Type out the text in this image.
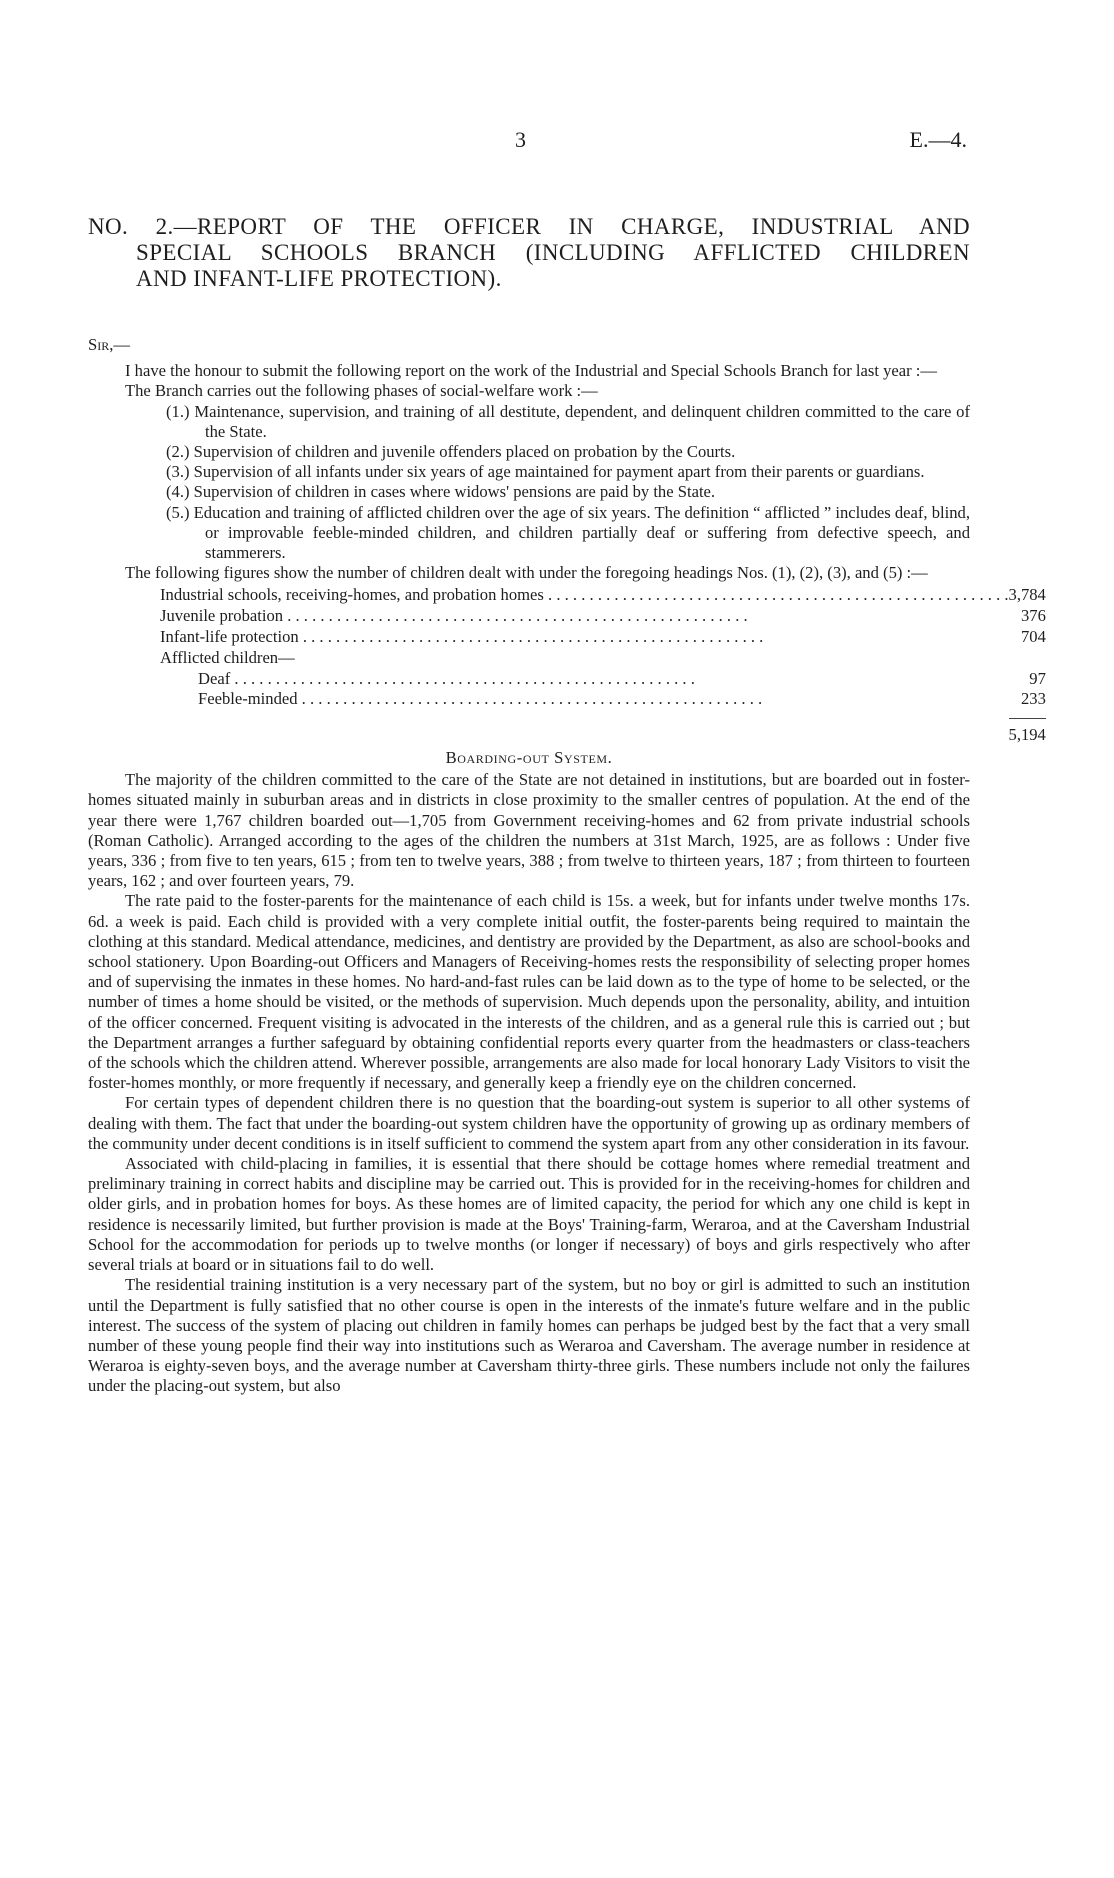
3	E.—4.
NO. 2.—REPORT OF THE OFFICER IN CHARGE, INDUSTRIAL AND
SPECIAL SCHOOLS BRANCH (INCLUDING AFFLICTED CHILDREN
AND INFANT-LIFE PROTECTION).

Sir,—

I have the honour to submit the following report on the work of the Industrial and Special Schools Branch for last year :—

The Branch carries out the following phases of social-welfare work :—

(1.) Maintenance, supervision, and training of all destitute, dependent, and delinquent children committed to the care of the State.
(2.) Supervision of children and juvenile offenders placed on probation by the Courts.
(3.) Supervision of all infants under six years of age maintained for payment apart from their parents or guardians.
(4.) Supervision of children in cases where widows' pensions are paid by the State.
(5.) Education and training of afflicted children over the age of six years. The definition “ afflicted ” includes deaf, blind, or improvable feeble-minded children, and children partially deaf or suffering from defective speech, and stammerers.

The following figures show the number of children dealt with under the foregoing headings Nos. (1), (2), (3), and (5) :—

Industrial schools, receiving-homes, and probation homes . . . . . . . . . . . . . . . . . . . . . . . . . . . . . . . . . . . . . . . . . . . . . . . . . . . . . . . .	3,784
Juvenile probation . . . . . . . . . . . . . . . . . . . . . . . . . . . . . . . . . . . . . . . . . . . . . . . . . . . . . . . .	376
Infant-life protection . . . . . . . . . . . . . . . . . . . . . . . . . . . . . . . . . . . . . . . . . . . . . . . . . . . . . . . .	704
Afflicted children—	
Deaf . . . . . . . . . . . . . . . . . . . . . . . . . . . . . . . . . . . . . . . . . . . . . . . . . . . . . . . .	97
Feeble-minded . . . . . . . . . . . . . . . . . . . . . . . . . . . . . . . . . . . . . . . . . . . . . . . . . . . . . . . .	233

	5,194

Boarding-out System.

The majority of the children committed to the care of the State are not detained in institutions, but are boarded out in foster-homes situated mainly in suburban areas and in districts in close proximity to the smaller centres of population. At the end of the year there were 1,767 children boarded out—1,705 from Government receiving-homes and 62 from private industrial schools (Roman Catholic). Arranged according to the ages of the children the numbers at 31st March, 1925, are as follows : Under five years, 336 ; from five to ten years, 615 ; from ten to twelve years, 388 ; from twelve to thirteen years, 187 ; from thirteen to fourteen years, 162 ; and over fourteen years, 79.

The rate paid to the foster-parents for the maintenance of each child is 15s. a week, but for infants under twelve months 17s. 6d. a week is paid. Each child is provided with a very complete initial outfit, the foster-parents being required to maintain the clothing at this standard. Medical attendance, medicines, and dentistry are provided by the Department, as also are school-books and school stationery. Upon Boarding-out Officers and Managers of Receiving-homes rests the responsibility of selecting proper homes and of supervising the inmates in these homes. No hard-and-fast rules can be laid down as to the type of home to be selected, or the number of times a home should be visited, or the methods of supervision. Much depends upon the personality, ability, and intuition of the officer concerned. Frequent visiting is advocated in the interests of the children, and as a general rule this is carried out ; but the Department arranges a further safeguard by obtaining confidential reports every quarter from the headmasters or class-teachers of the schools which the children attend. Wherever possible, arrangements are also made for local honorary Lady Visitors to visit the foster-homes monthly, or more frequently if necessary, and generally keep a friendly eye on the children concerned.

For certain types of dependent children there is no question that the boarding-out system is superior to all other systems of dealing with them. The fact that under the boarding-out system children have the opportunity of growing up as ordinary members of the community under decent conditions is in itself sufficient to commend the system apart from any other consideration in its favour.

Associated with child-placing in families, it is essential that there should be cottage homes where remedial treatment and preliminary training in correct habits and discipline may be carried out. This is provided for in the receiving-homes for children and older girls, and in probation homes for boys. As these homes are of limited capacity, the period for which any one child is kept in residence is necessarily limited, but further provision is made at the Boys' Training-farm, Weraroa, and at the Caversham Industrial School for the accommodation for periods up to twelve months (or longer if necessary) of boys and girls respectively who after several trials at board or in situations fail to do well.

The residential training institution is a very necessary part of the system, but no boy or girl is admitted to such an institution until the Department is fully satisfied that no other course is open in the interests of the inmate's future welfare and in the public interest. The success of the system of placing out children in family homes can perhaps be judged best by the fact that a very small number of these young people find their way into institutions such as Weraroa and Caversham. The average number in residence at Weraroa is eighty-seven boys, and the average number at Caversham thirty-three girls. These numbers include not only the failures under the placing-out system, but also
